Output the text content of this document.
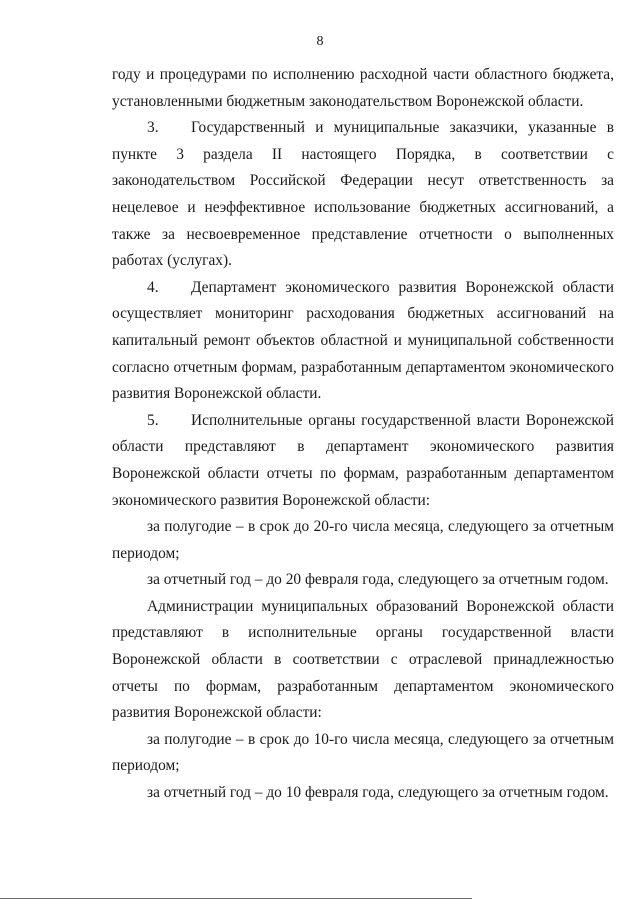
8

году и процедурами по исполнению расходной части областного бюджета, установленными бюджетным законодательством Воронежской области.

3. Государственный и муниципальные заказчики, указанные в пункте 3 раздела II настоящего Порядка, в соответствии с законодательством Российской Федерации несут ответственность за нецелевое и неэффективное использование бюджетных ассигнований, а также за несвоевременное представление отчетности о выполненных работах (услугах).

4. Департамент экономического развития Воронежской области осуществляет мониторинг расходования бюджетных ассигнований на капитальный ремонт объектов областной и муниципальной собственности согласно отчетным формам, разработанным департаментом экономического развития Воронежской области.

5. Исполнительные органы государственной власти Воронежской области представляют в департамент экономического развития Воронежской области отчеты по формам, разработанным департаментом экономического развития Воронежской области:

за полугодие – в срок до 20-го числа месяца, следующего за отчетным периодом;

за отчетный год – до 20 февраля года, следующего за отчетным годом.

Администрации муниципальных образований Воронежской области представляют в исполнительные органы государственной власти Воронежской области в соответствии с отраслевой принадлежностью отчеты по формам, разработанным департаментом экономического развития Воронежской области:

за полугодие – в срок до 10-го числа месяца, следующего за отчетным периодом;

за отчетный год – до 10 февраля года, следующего за отчетным годом.
